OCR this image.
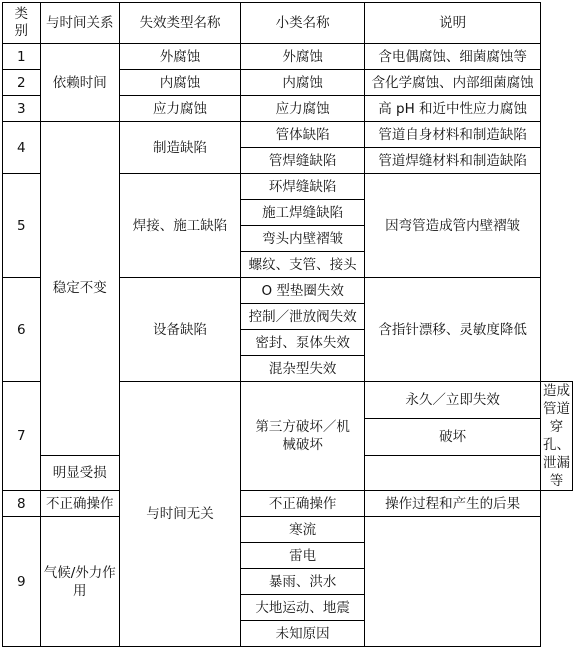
类别	与时间关系	失效类型名称	小类名称	说明	
1	依赖时间	外腐蚀	外腐蚀	含电偶腐蚀、细菌腐蚀等	
2		内腐蚀	内腐蚀	含化学腐蚀、内部细菌腐蚀	
3		应力腐蚀	应力腐蚀	高 pH 和近中性应力腐蚀	
4	稳定不变	制造缺陷	管体缺陷	管道自身材料和制造缺陷	
			管焊缝缺陷	管道焊缝材料和制造缺陷	
5		焊接、施工缺陷	环焊缝缺陷	因弯管造成管内壁褶皱	
			施工焊缝缺陷		
			弯头内壁褶皱		
			螺纹、支管、接头		
6		设备缺陷	O 型垫圈失效	含指针漂移、灵敏度降低	
			控制／泄放阀失效		
			密封、泵体失效		
			混杂型失效		
7		与时间无关	第三方破坏／机械破坏	永久／立即失效	造成管道穿孔、泄漏等
				破坏	
	明显受损				
8	不正确操作		不正确操作	操作过程和产生的后果	
9	气候/外力作用		寒流		
			雷电		
			暴雨、洪水		
			大地运动、地震		
			未知原因		
